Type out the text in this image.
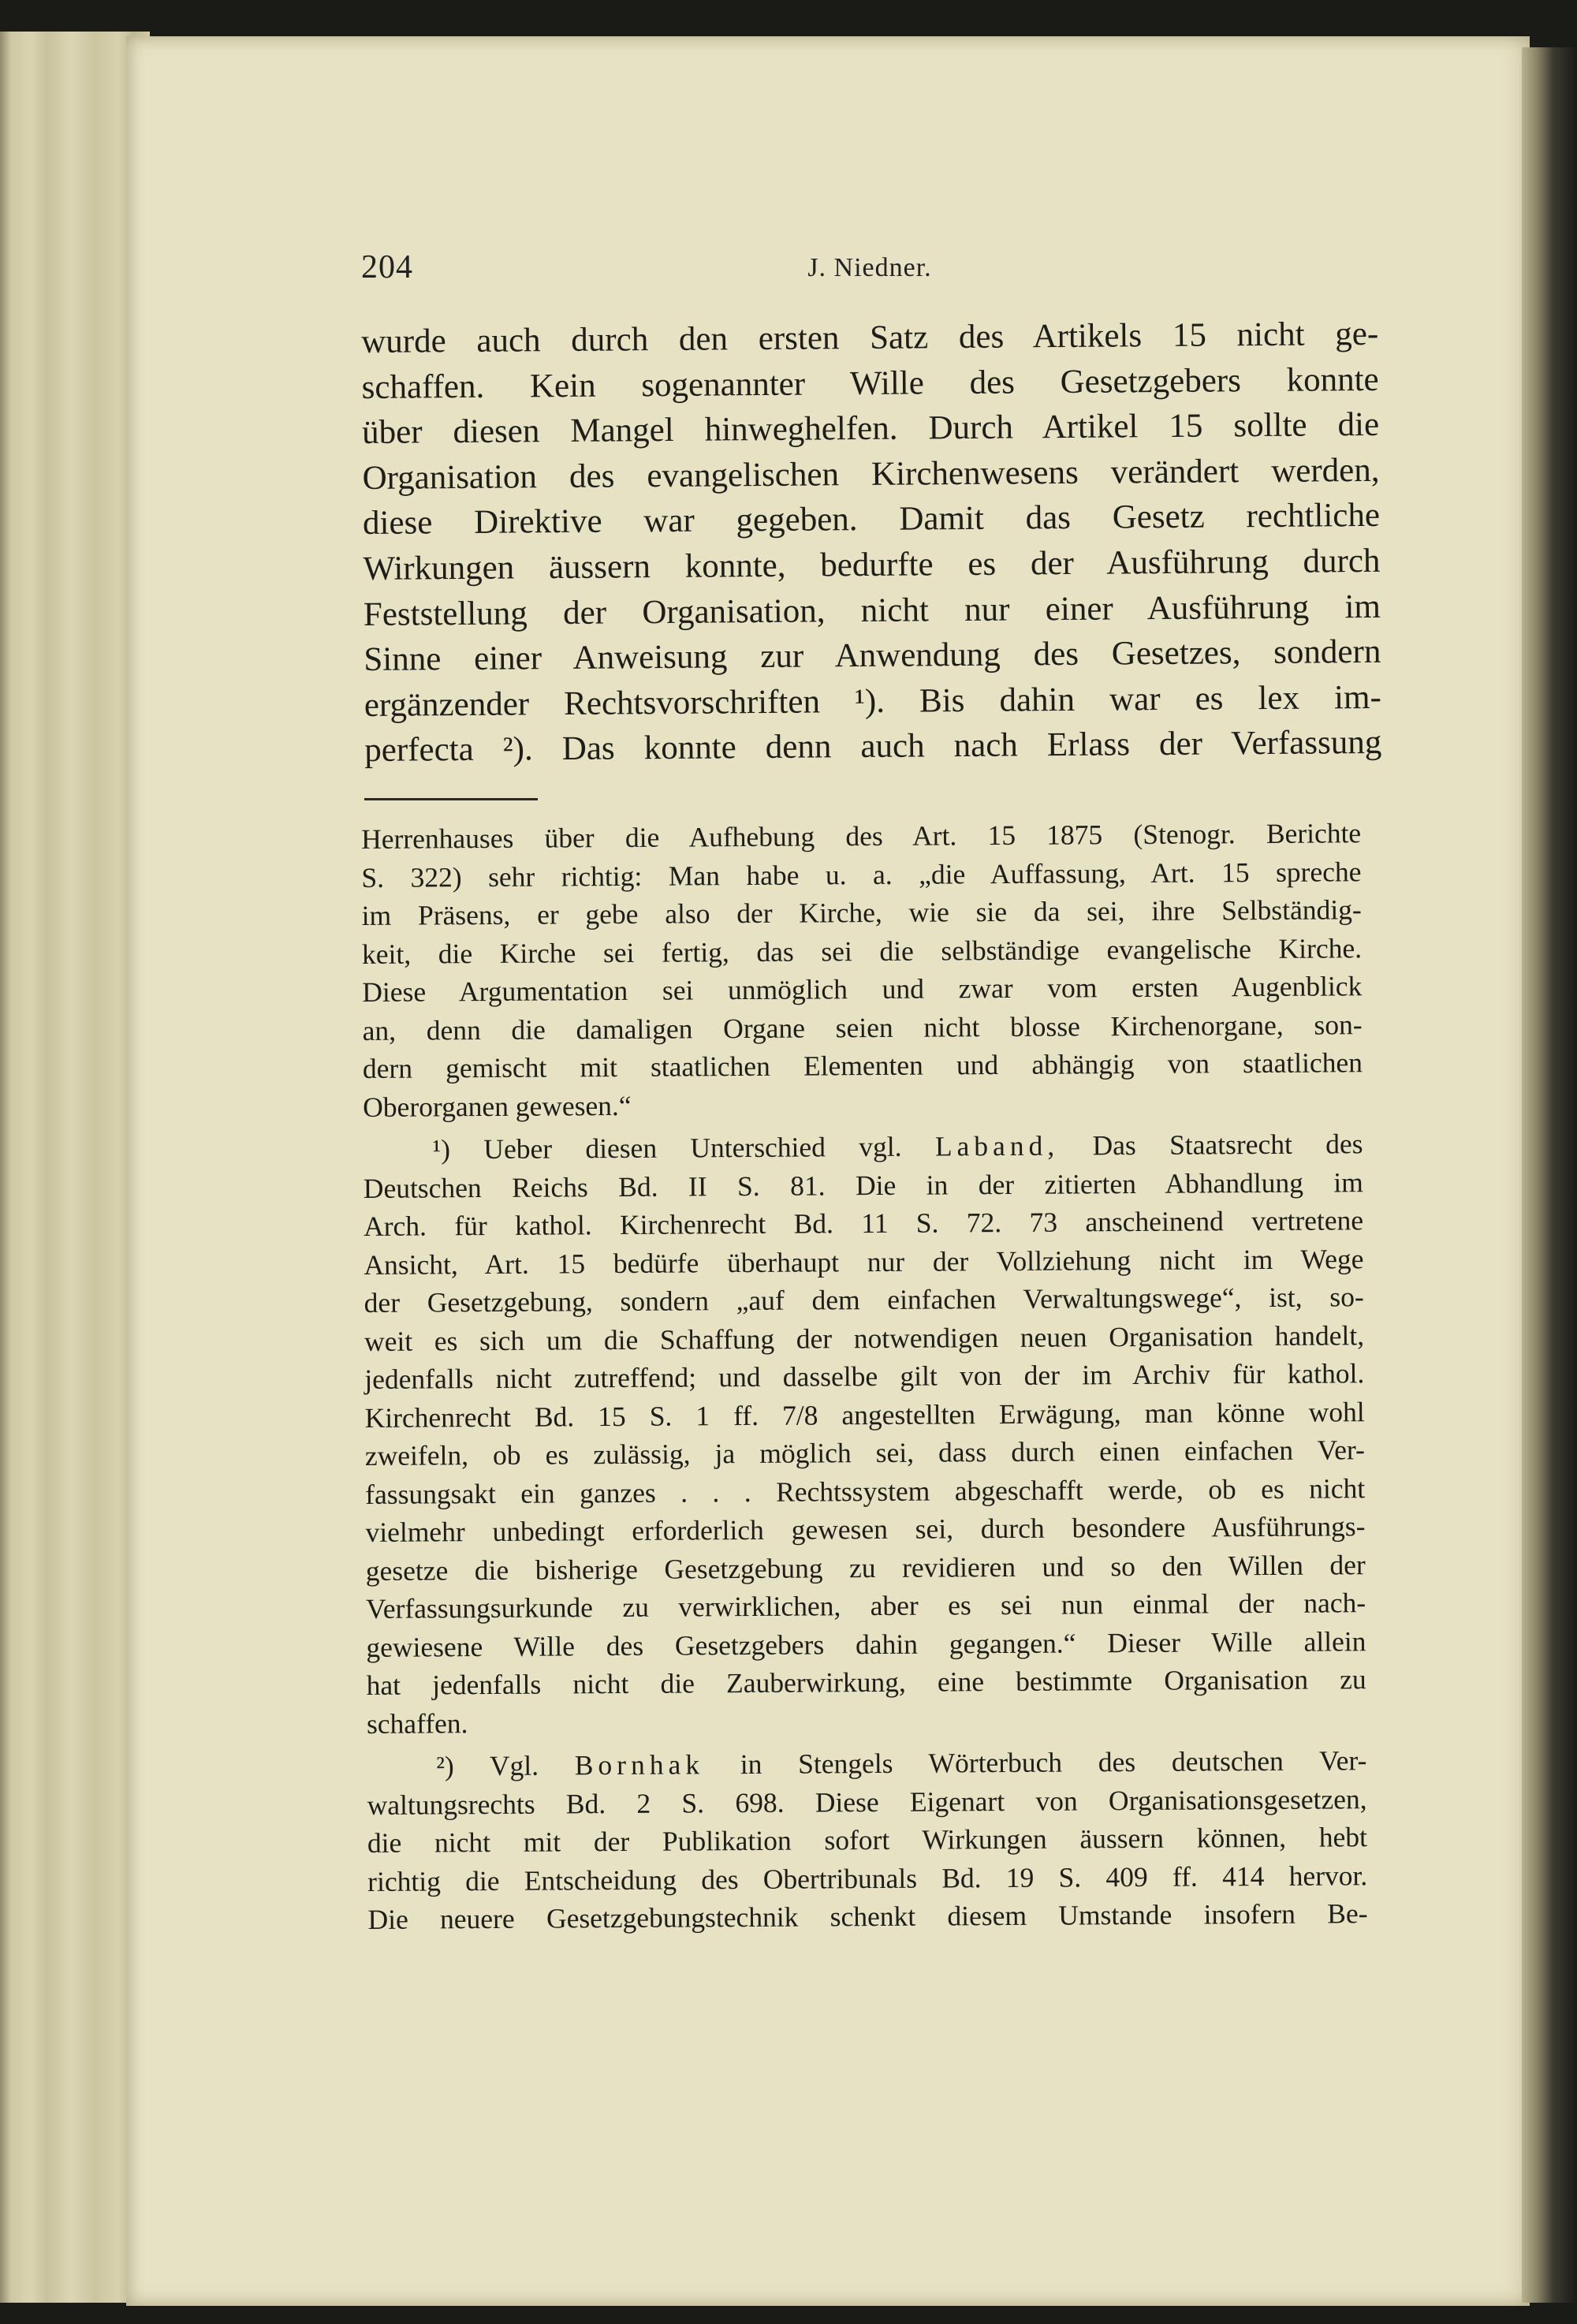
204	J. Niedner.
wurde auch durch den ersten Satz des Artikels 15 nicht ge-
schaffen. Kein sogenannter Wille des Gesetzgebers konnte
über diesen Mangel hinweghelfen. Durch Artikel 15 sollte die
Organisation des evangelischen Kirchenwesens verändert werden,
diese Direktive war gegeben. Damit das Gesetz rechtliche
Wirkungen äussern konnte, bedurfte es der Ausführung durch
Feststellung der Organisation, nicht nur einer Ausführung im
Sinne einer Anweisung zur Anwendung des Gesetzes, sondern
ergänzender Rechtsvorschriften ¹). Bis dahin war es lex im-
perfecta ²). Das konnte denn auch nach Erlass der Verfassung
Herrenhauses über die Aufhebung des Art. 15 1875 (Stenogr. Berichte
S. 322) sehr richtig: Man habe u. a. „die Auffassung, Art. 15 spreche
im Präsens, er gebe also der Kirche, wie sie da sei, ihre Selbständig-
keit, die Kirche sei fertig, das sei die selbständige evangelische Kirche.
Diese Argumentation sei unmöglich und zwar vom ersten Augenblick
an, denn die damaligen Organe seien nicht blosse Kirchenorgane, son-
dern gemischt mit staatlichen Elementen und abhängig von staatlichen
Oberorganen gewesen.“
¹) Ueber diesen Unterschied vgl. Laband, Das Staatsrecht des
Deutschen Reichs Bd. II S. 81. Die in der zitierten Abhandlung im
Arch. für kathol. Kirchenrecht Bd. 11 S. 72. 73 anscheinend vertretene
Ansicht, Art. 15 bedürfe überhaupt nur der Vollziehung nicht im Wege
der Gesetzgebung, sondern „auf dem einfachen Verwaltungswege“, ist, so-
weit es sich um die Schaffung der notwendigen neuen Organisation handelt,
jedenfalls nicht zutreffend; und dasselbe gilt von der im Archiv für kathol.
Kirchenrecht Bd. 15 S. 1 ff. 7/8 angestellten Erwägung, man könne wohl
zweifeln, ob es zulässig, ja möglich sei, dass durch einen einfachen Ver-
fassungsakt ein ganzes . . . Rechtssystem abgeschafft werde, ob es nicht
vielmehr unbedingt erforderlich gewesen sei, durch besondere Ausführungs-
gesetze die bisherige Gesetzgebung zu revidieren und so den Willen der
Verfassungsurkunde zu verwirklichen, aber es sei nun einmal der nach-
gewiesene Wille des Gesetzgebers dahin gegangen.“ Dieser Wille allein
hat jedenfalls nicht die Zauberwirkung, eine bestimmte Organisation zu
schaffen.
²) Vgl. Bornhak in Stengels Wörterbuch des deutschen Ver-
waltungsrechts Bd. 2 S. 698. Diese Eigenart von Organisationsgesetzen,
die nicht mit der Publikation sofort Wirkungen äussern können, hebt
richtig die Entscheidung des Obertribunals Bd. 19 S. 409 ff. 414 hervor.
Die neuere Gesetzgebungstechnik schenkt diesem Umstande insofern Be-
